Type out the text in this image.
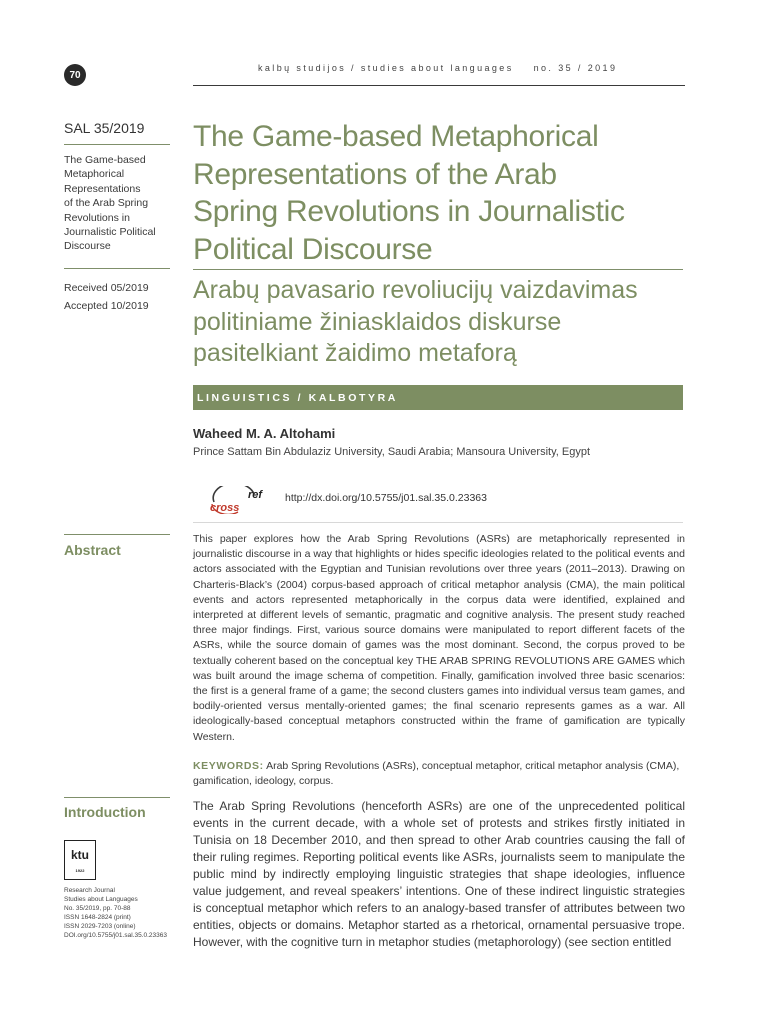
70
kalbų studijos / studies about languages no. 35 / 2019
SAL 35/2019
The Game-based
Metaphorical
Representations
of the Arab Spring
Revolutions in
Journalistic Political
Discourse
Received 05/2019
Accepted 10/2019
Abstract
Introduction
ktu
1922
Research Journal
Studies about Languages
No. 35/2019, pp. 70-88
ISSN 1648-2824 (print)
ISSN 2029-7203 (online)
DOI.org/10.5755/j01.sal.35.0.23363
The Game-based Metaphorical
Representations of the Arab
Spring Revolutions in Journalistic
Political Discourse
Arabų pavasario revoliucijų vaizdavimas
politiniame žiniasklaidos diskurse
pasitelkiant žaidimo metaforą
LINGUISTICS / KALBOTYRA
Waheed M. A. Altohami
Prince Sattam Bin Abdulaziz University, Saudi Arabia; Mansoura University, Egypt
ref
cross
http://dx.doi.org/10.5755/j01.sal.35.0.23363

This paper explores how the Arab Spring Revolutions (ASRs) are metaphorically represented in journalistic discourse in a way that highlights or hides specific ideologies related to the political events and actors associated with the Egyptian and Tunisian revolutions over three years (2011–2013). Drawing on Charteris-Black’s (2004) corpus-based approach of critical metaphor analysis (CMA), the main political events and actors represented metaphorically in the corpus data were identified, explained and interpreted at different levels of semantic, pragmatic and cognitive analysis. The present study reached three major findings. First, various source domains were manipulated to report different facets of the ASRs, while the source domain of games was the most dominant. Second, the corpus proved to be textually coherent based on the conceptual key THE ARAB SPRING REVOLUTIONS ARE GAMES which was built around the image schema of competition. Finally, gamification involved three basic scenarios: the first is a general frame of a game; the second clusters games into individual versus team games, and bodily-oriented versus mentally-oriented games; the final scenario represents games as a war. All ideologically-based conceptual metaphors constructed within the frame of gamification are typically Western.

KEYWORDS: Arab Spring Revolutions (ASRs), conceptual metaphor, critical metaphor analysis (CMA), gamification, ideology, corpus.

The Arab Spring Revolutions (henceforth ASRs) are one of the unprecedented political events in the current decade, with a whole set of protests and strikes firstly initiated in Tunisia on 18 December 2010, and then spread to other Arab countries causing the fall of their ruling regimes. Reporting political events like ASRs, journalists seem to manipulate the public mind by indirectly employing linguistic strategies that shape ideologies, influence value judgement, and reveal speakers’ intentions. One of these indirect linguistic strategies is conceptual metaphor which refers to an analogy-based transfer of attributes between two entities, objects or domains. Metaphor started as a rhetorical, ornamental persuasive trope. However, with the cognitive turn in metaphor studies (metaphorology) (see section entitled
